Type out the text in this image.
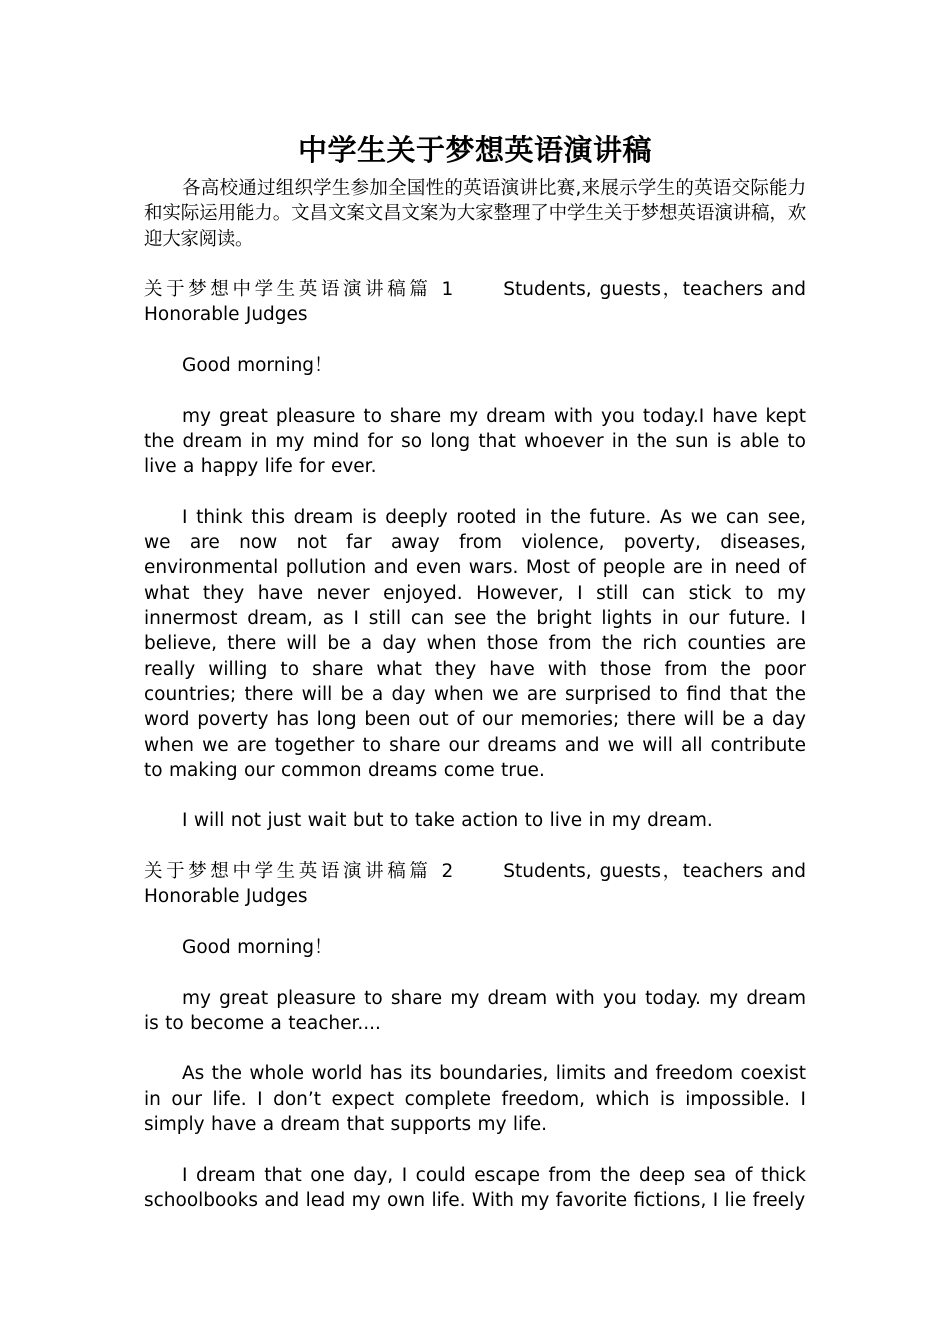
中学生关于梦想英语演讲稿

各高校通过组织学生参加全国性的英语演讲比赛,来展示学生的英语交际能力和实际运用能力。文昌文案文昌文案为大家整理了中学生关于梦想英语演讲稿，欢迎大家阅读。

关于梦想中学生英语演讲稿篇 1	Students, guests，teachers and Honorable Judges

Good morning！

my great pleasure to share my dream with you today.I have kept the dream in my mind for so long that whoever in the sun is able to live a happy life for ever.

I think this dream is deeply rooted in the future. As we can see, we are now not far away from violence, poverty, diseases, environmental pollution and even wars. Most of people are in need of what they have never enjoyed. However, I still can stick to my innermost dream, as I still can see the bright lights in our future. I believe, there will be a day when those from the rich counties are really willing to share what they have with those from the poor countries; there will be a day when we are surprised to find that the word poverty has long been out of our memories; there will be a day when we are together to share our dreams and we will all contribute to making our common dreams come true.

I will not just wait but to take action to live in my dream.

关于梦想中学生英语演讲稿篇 2	Students, guests，teachers and Honorable Judges

Good morning！

my great pleasure to share my dream with you today. my dream is to become a teacher....

As the whole world has its boundaries, limits and freedom coexist in our life. I don’t expect complete freedom, which is impossible. I simply have a dream that supports my life.

I dream that one day, I could escape from the deep sea of thick schoolbooks and lead my own life. With my favorite fictions, I lie freely
